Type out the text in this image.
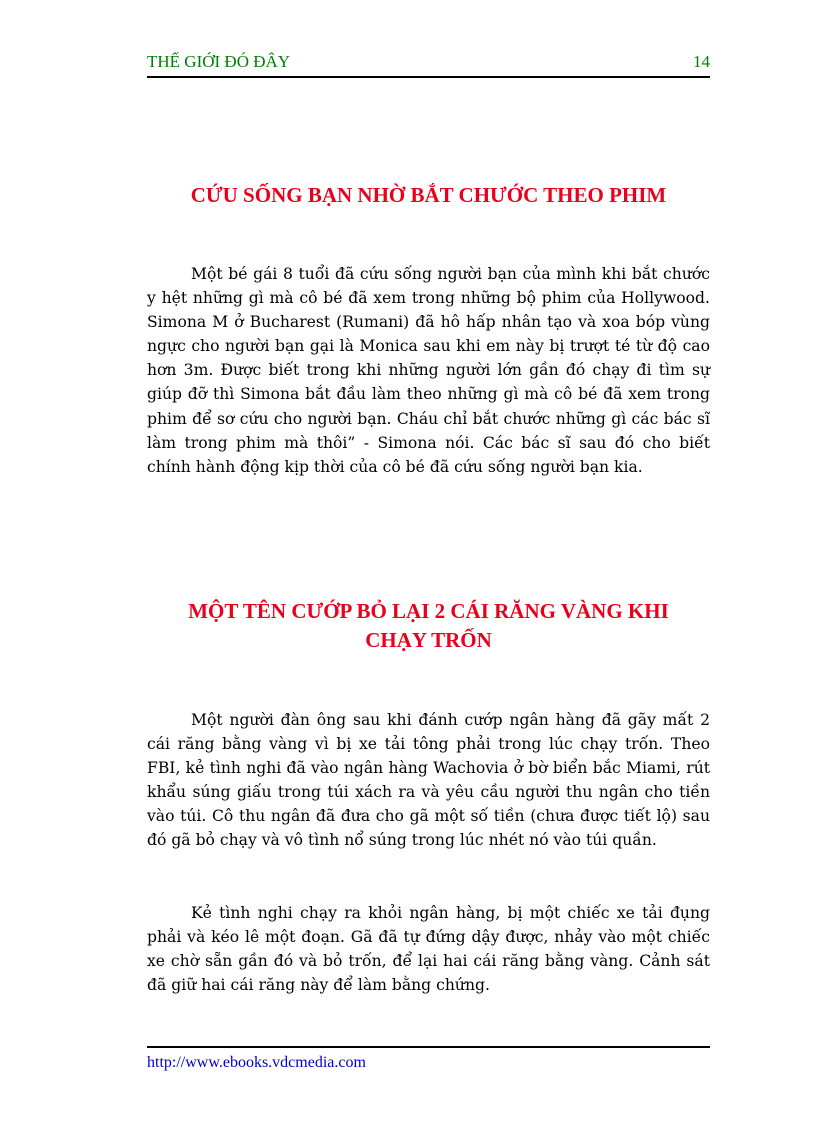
THẾ GIỚI ĐÓ ĐÂY	14
CỨU SỐNG BẠN NHỜ BẮT CHƯỚC THEO PHIM

Một bé gái 8 tuổi đã cứu sống người bạn của mình khi bắt chước y hệt những gì mà cô bé đã xem trong những bộ phim của Hollywood. Simona M ở Bucharest (Rumani) đã hô hấp nhân tạo và xoa bóp vùng ngực cho người bạn gại là Monica sau khi em này bị trượt té từ độ cao hơn 3m. Được biết trong khi những người lớn gần đó chạy đi tìm sự giúp đỡ thì Simona bắt đầu làm theo những gì mà cô bé đã xem trong phim để sơ cứu cho người bạn. Cháu chỉ bắt chước những gì các bác sĩ làm trong phim mà thôi” - Simona nói. Các bác sĩ sau đó cho biết chính hành động kịp thời của cô bé đã cứu sống người bạn kia.

MỘT TÊN CƯỚP BỎ LẠI 2 CÁI RĂNG VÀNG KHI
CHẠY TRỐN

Một người đàn ông sau khi đánh cướp ngân hàng đã gãy mất 2 cái răng bằng vàng vì bị xe tải tông phải trong lúc chạy trốn. Theo FBI, kẻ tình nghi đã vào ngân hàng Wachovia ở bờ biển bắc Miami, rút khẩu súng giấu trong túi xách ra và yêu cầu người thu ngân cho tiền vào túi. Cô thu ngân đã đưa cho gã một số tiền (chưa được tiết lộ) sau đó gã bỏ chạy và vô tình nổ súng trong lúc nhét nó vào túi quần.

Kẻ tình nghi chạy ra khỏi ngân hàng, bị một chiếc xe tải đụng phải và kéo lê một đoạn. Gã đã tự đứng dậy được, nhảy vào một chiếc xe chờ sẵn gần đó và bỏ trốn, để lại hai cái răng bằng vàng. Cảnh sát đã giữ hai cái răng này để làm bằng chứng.

http://www.ebooks.vdcmedia.com
